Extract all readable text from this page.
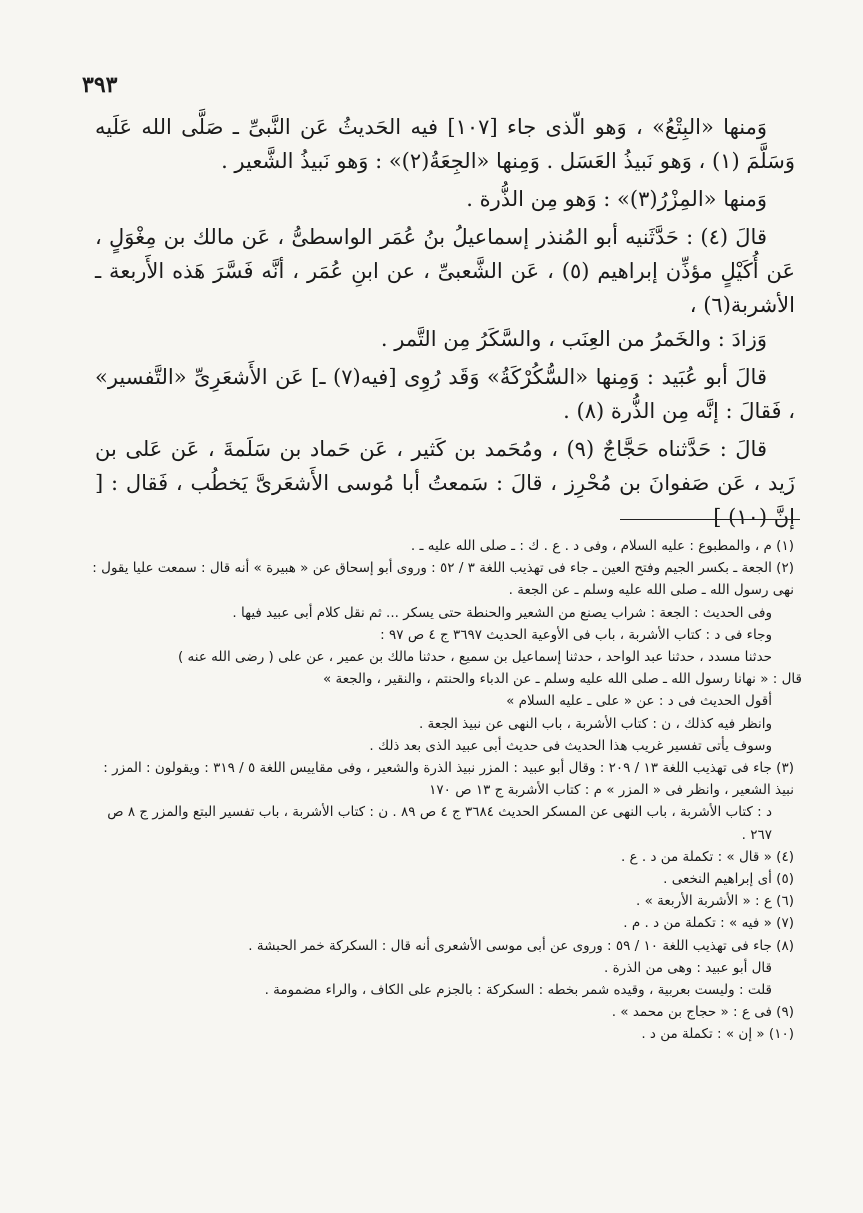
٣٩٣

وَمنها «البِتْعُ» ، وَهو الّذى جاء [١٠٧] فيه الحَديثُ عَن النَّبىِّ ـ صَلَّى الله عَلَيه وَسَلَّمَ (١) ، وَهو نَبيذُ العَسَل . وَمِنها «الجِعَةُ(٢)» : وَهو نَبيذُ الشَّعير .

وَمنها «المِزْرُ(٣)» : وَهو مِن الذُّرة .

قالَ (٤) : حَدَّثَنيه أبو المُنذر إسماعيلُ بنُ عُمَر الواسطىُّ ، عَن مالك بن مِغْوَلٍ ، عَن أُكَيْلٍ مؤذِّن إبراهيم (٥) ، عَن الشَّعبىِّ ، عن ابنِ عُمَر ، أنَّه فَسَّرَ هَذه الأَربعة ـ الأشربة(٦) ،

وَزادَ : والخَمرُ من العِنَب ، والسَّكَرُ مِن التَّمر .

قالَ أبو عُبَيد : وَمِنها «السُّكُرْكَةُ» وَقَد رُوِى [فيه(٧) ـ] عَن الأَشعَرِىِّ «التَّفسير» ، فَقالَ : إنَّه مِن الذُّرة (٨) .

قالَ : حَدَّثناه حَجَّاجٌ (٩) ، ومُحَمد بن كَثير ، عَن حَماد بن سَلَمةَ ، عَن عَلى بن زَيد ، عَن صَفوانَ بن مُحْرِز ، قالَ : سَمعتُ أبا مُوسى الأَشعَرىَّ يَخطُب ، فَقال : [ إنَّ (١٠) ]

(١) م ، والمطبوع : عليه السلام ، وفى د . ع . ك : ـ صلى الله عليه ـ .

(٢) الجعة ـ بكسر الجيم وفتح العين ـ جاء فى تهذيب اللغة ٣ / ٥٢ : وروى أبو إسحاق عن « هبيرة » أنه قال : سمعت عليا يقول : نهى رسول الله ـ صلى الله عليه وسلم ـ عن الجعة .

وفى الحديث : الجعة : شراب يصنع من الشعير والحنطة حتى يسكر ... ثم نقل كلام أبى عبيد فيها .

وجاء فى د : كتاب الأشربة ، باب فى الأوعية الحديث ٣٦٩٧ ج ٤ ص ٩٧ :

حدثنا مسدد ، حدثنا عبد الواحد ، حدثنا إسماعيل بن سميع ، حدثنا مالك بن عمير ، عن على ( رضى الله عنه )

قال : « نهانا رسول الله ـ صلى الله عليه وسلم ـ عن الدباء والحنتم ، والنقير ، والجعة »

أقول الحديث فى د : عن « على ـ عليه السلام »

وانظر فيه كذلك ، ن : كتاب الأشربة ، باب النهى عن نبيذ الجعة .

وسوف يأتى تفسير غريب هذا الحديث فى حديث أبى عبيد الذى بعد ذلك .

(٣) جاء فى تهذيب اللغة ١٣ / ٢٠٩ : وقال أبو عبيد : المزر نبيذ الذرة والشعير ، وفى مقاييس اللغة ٥ / ٣١٩ : ويقولون : المزر : نبيذ الشعير ، وانظر فى « المزر » م : كتاب الأشربة ج ١٣ ص ١٧٠

د : كتاب الأشربة ، باب النهى عن المسكر الحديث ٣٦٨٤ ج ٤ ص ٨٩ . ن : كتاب الأشربة ، باب تفسير البتع والمزر ج ٨ ص ٢٦٧ .

(٤) « قال » : تكملة من د . ع .

(٥) أى إبراهيم النخعى .

(٦) ع : « الأشربة الأربعة » .

(٧) « فيه » : تكملة من د . م .

(٨) جاء فى تهذيب اللغة ١٠ / ٥٩ : وروى عن أبى موسى الأشعرى أنه قال : السكركة خمر الحبشة .

قال أبو عبيد : وهى من الذرة .

قلت : وليست بعربية ، وقيده شمر بخطه : السكركة : بالجزم على الكاف ، والراء مضمومة .

(٩) فى ع : « حجاج بن محمد » .

(١٠) « إن » : تكملة من د .
